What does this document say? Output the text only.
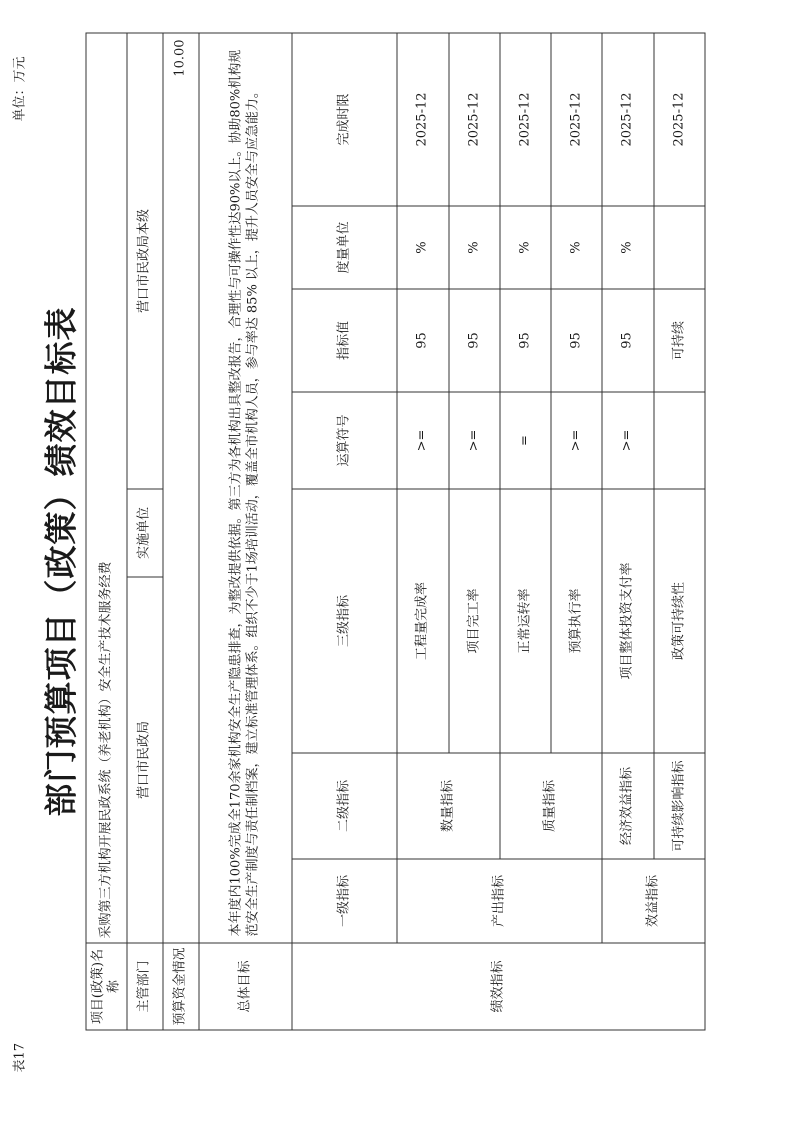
表17
单位：万元
部门预算项目（政策）绩效目标表
项目(政策)名称	采购第三方机构开展民政系统（养老机构）安全生产技术服务经费							
主管部门	营口市民政局			实施单位	营口市民政局本级			
预算资金情况	10.00							
总体目标	本年度内100%完成全170余家机构安全生产隐患排查，为整改提供依据。第三方为各机构出具整改报告，合理性与可操作性达90%以上。协助80%机构规范安全生产制度与责任制档案，建立标准管理体系。组织不少于1场培训活动，覆盖全市机构人员，参与率达 85% 以上，提升人员安全与应急能力。							
绩效指标	一级指标	二级指标	三级指标		运算符号	指标值	度量单位	完成时限
	产出指标	数量指标	工程量完成率		>=	95	%	2025-12
			项目完工率		>=	95	%	2025-12
		质量指标	正常运转率		=	95	%	2025-12
			预算执行率		>=	95	%	2025-12
	效益指标	经济效益指标	项目整体投资支付率		>=	95	%	2025-12
		可持续影响指标	政策可持续性			可持续		2025-12
